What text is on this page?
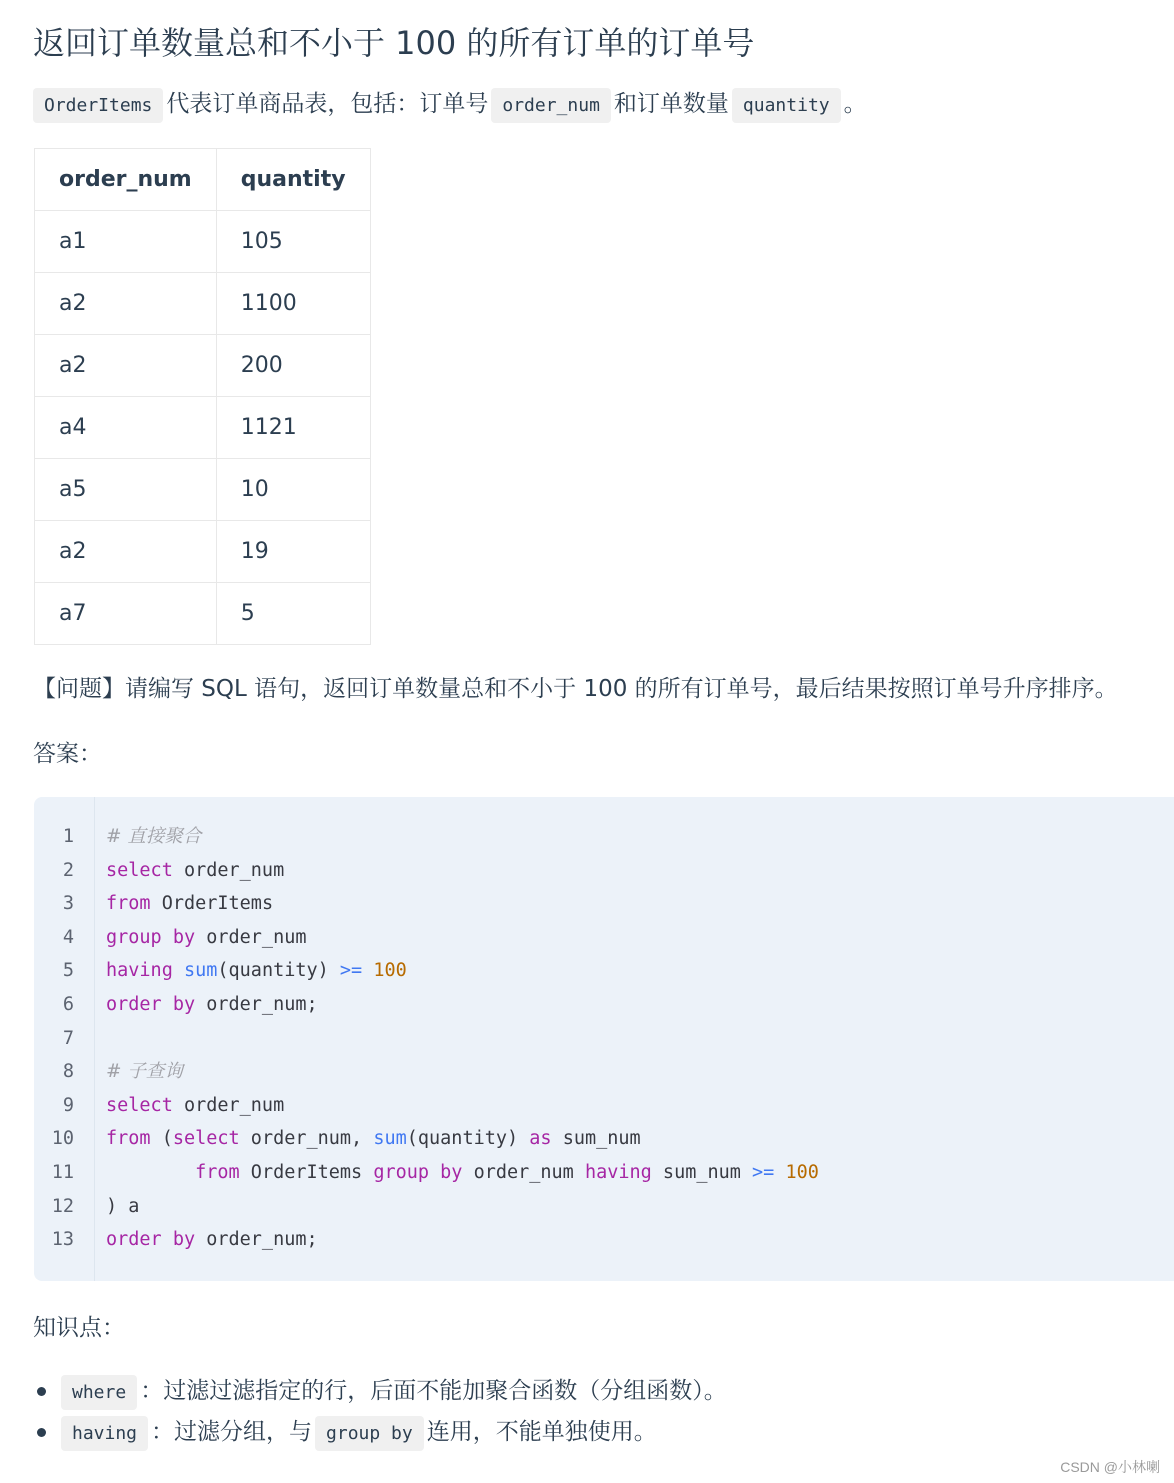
返回订单数量总和不小于 100 的所有订单的订单号

OrderItems 代表订单商品表，包括：订单号 order_num 和订单数量 quantity 。

order_num	quantity
a1	105
a2	1100
a2	200
a4	1121
a5	10
a2	19
a7	5

【问题】请编写 SQL 语句，返回订单数量总和不小于 100 的所有订单号，最后结果按照订单号升序排序。

答案：

1 # 直接聚合
2 select order_num
3 from OrderItems
4 group by order_num
5 having sum(quantity) >= 100
6 order by order_num;
7
8 # 子查询
9 select order_num
10 from (select order_num, sum(quantity) as sum_num
11	from OrderItems group by order_num having sum_num >= 100
12 ) a
13 order by order_num;

知识点：

where ：过滤过滤指定的行，后面不能加聚合函数（分组函数）。
having ：过滤分组，与 group by 连用，不能单独使用。
CSDN @小林喇
